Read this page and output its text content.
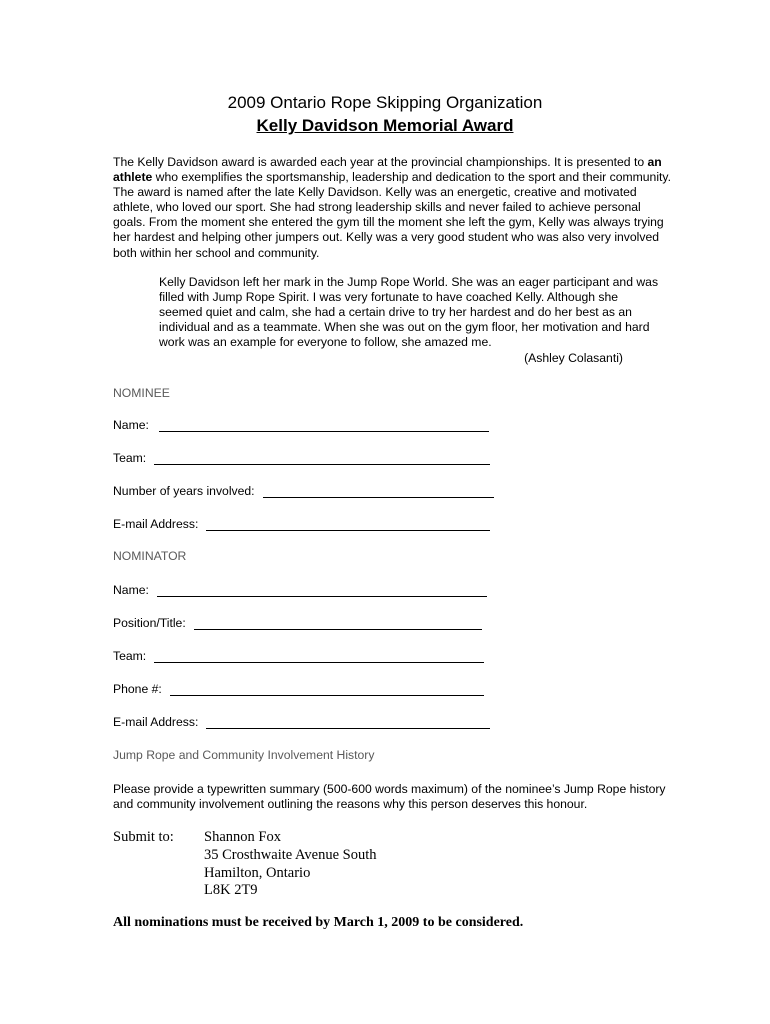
2009 Ontario Rope Skipping Organization
Kelly Davidson Memorial Award

The Kelly Davidson award is awarded each year at the provincial championships. It is presented to an athlete who exemplifies the sportsmanship, leadership and dedication to the sport and their community. The award is named after the late Kelly Davidson. Kelly was an energetic, creative and motivated athlete, who loved our sport. She had strong leadership skills and never failed to achieve personal goals. From the moment she entered the gym till the moment she left the gym, Kelly was always trying her hardest and helping other jumpers out. Kelly was a very good student who was also very involved both within her school and community.

Kelly Davidson left her mark in the Jump Rope World. She was an eager participant and was filled with Jump Rope Spirit. I was very fortunate to have coached Kelly. Although she seemed quiet and calm, she had a certain drive to try her hardest and do her best as an individual and as a teammate. When she was out on the gym floor, her motivation and hard work was an example for everyone to follow, she amazed me.

(Ashley Colasanti)

NOMINEE
Name:
Team:
Number of years involved:
E-mail Address:
NOMINATOR
Name:
Position/Title:
Team:
Phone #:
E-mail Address:
Jump Rope and Community Involvement History

Please provide a typewritten summary (500-600 words maximum) of the nominee’s Jump Rope history and community involvement outlining the reasons why this person deserves this honour.

Submit to:	Shannon Fox
35 Crosthwaite Avenue South
Hamilton, Ontario
L8K 2T9
All nominations must be received by March 1, 2009 to be considered.
